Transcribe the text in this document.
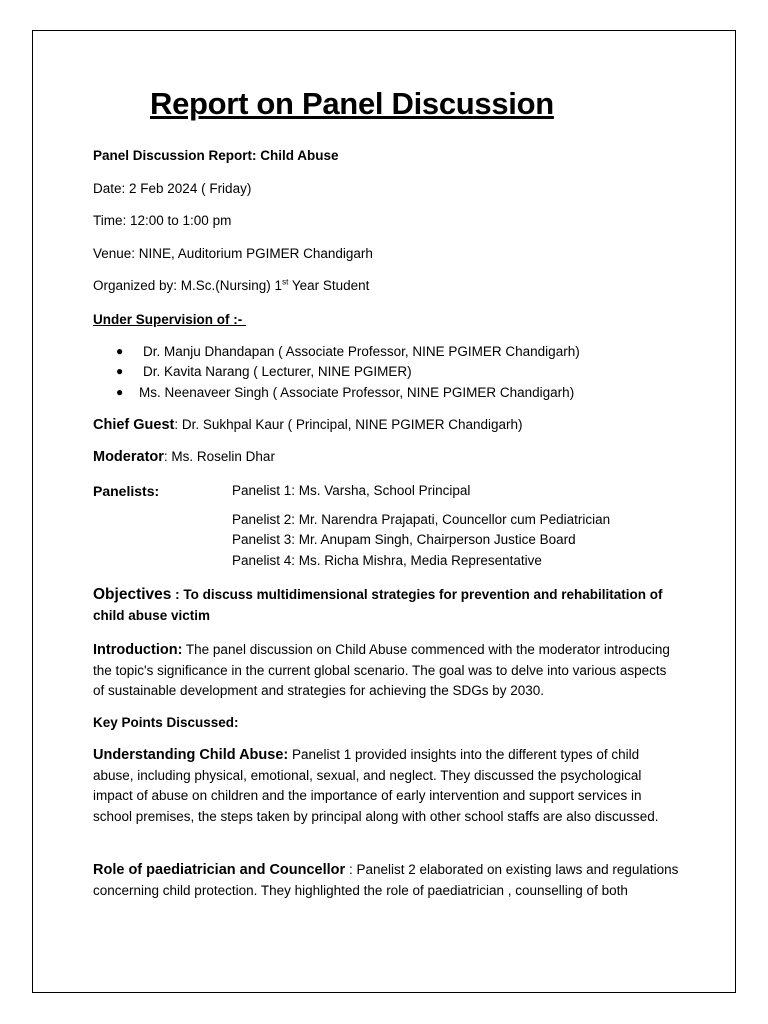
Report on Panel Discussion
Panel Discussion Report: Child Abuse
Date: 2 Feb 2024 ( Friday)
Time: 12:00 to 1:00 pm
Venue: NINE, Auditorium PGIMER Chandigarh
Organized by: M.Sc.(Nursing) 1st Year Student
Under Supervision of :-
● Dr. Manju Dhandapan ( Associate Professor, NINE PGIMER Chandigarh)
● Dr. Kavita Narang ( Lecturer, NINE PGIMER)
● Ms. Neenaveer Singh ( Associate Professor, NINE PGIMER Chandigarh)
Chief Guest: Dr. Sukhpal Kaur ( Principal, NINE PGIMER Chandigarh)
Moderator: Ms. Roselin Dhar
Panelists:	Panelist 1: Ms. Varsha, School Principal
Panelist 2: Mr. Narendra Prajapati, Councellor cum Pediatrician
Panelist 3: Mr. Anupam Singh, Chairperson Justice Board
Panelist 4: Ms. Richa Mishra, Media Representative
Objectives : To discuss multidimensional strategies for prevention and rehabilitation of child abuse victim
Introduction: The panel discussion on Child Abuse commenced with the moderator introducing the topic's significance in the current global scenario. The goal was to delve into various aspects of sustainable development and strategies for achieving the SDGs by 2030.
Key Points Discussed:
Understanding Child Abuse: Panelist 1 provided insights into the different types of child abuse, including physical, emotional, sexual, and neglect. They discussed the psychological impact of abuse on children and the importance of early intervention and support services in school premises, the steps taken by principal along with other school staffs are also discussed.
Role of paediatrician and Councellor : Panelist 2 elaborated on existing laws and regulations concerning child protection. They highlighted the role of paediatrician , counselling of both
